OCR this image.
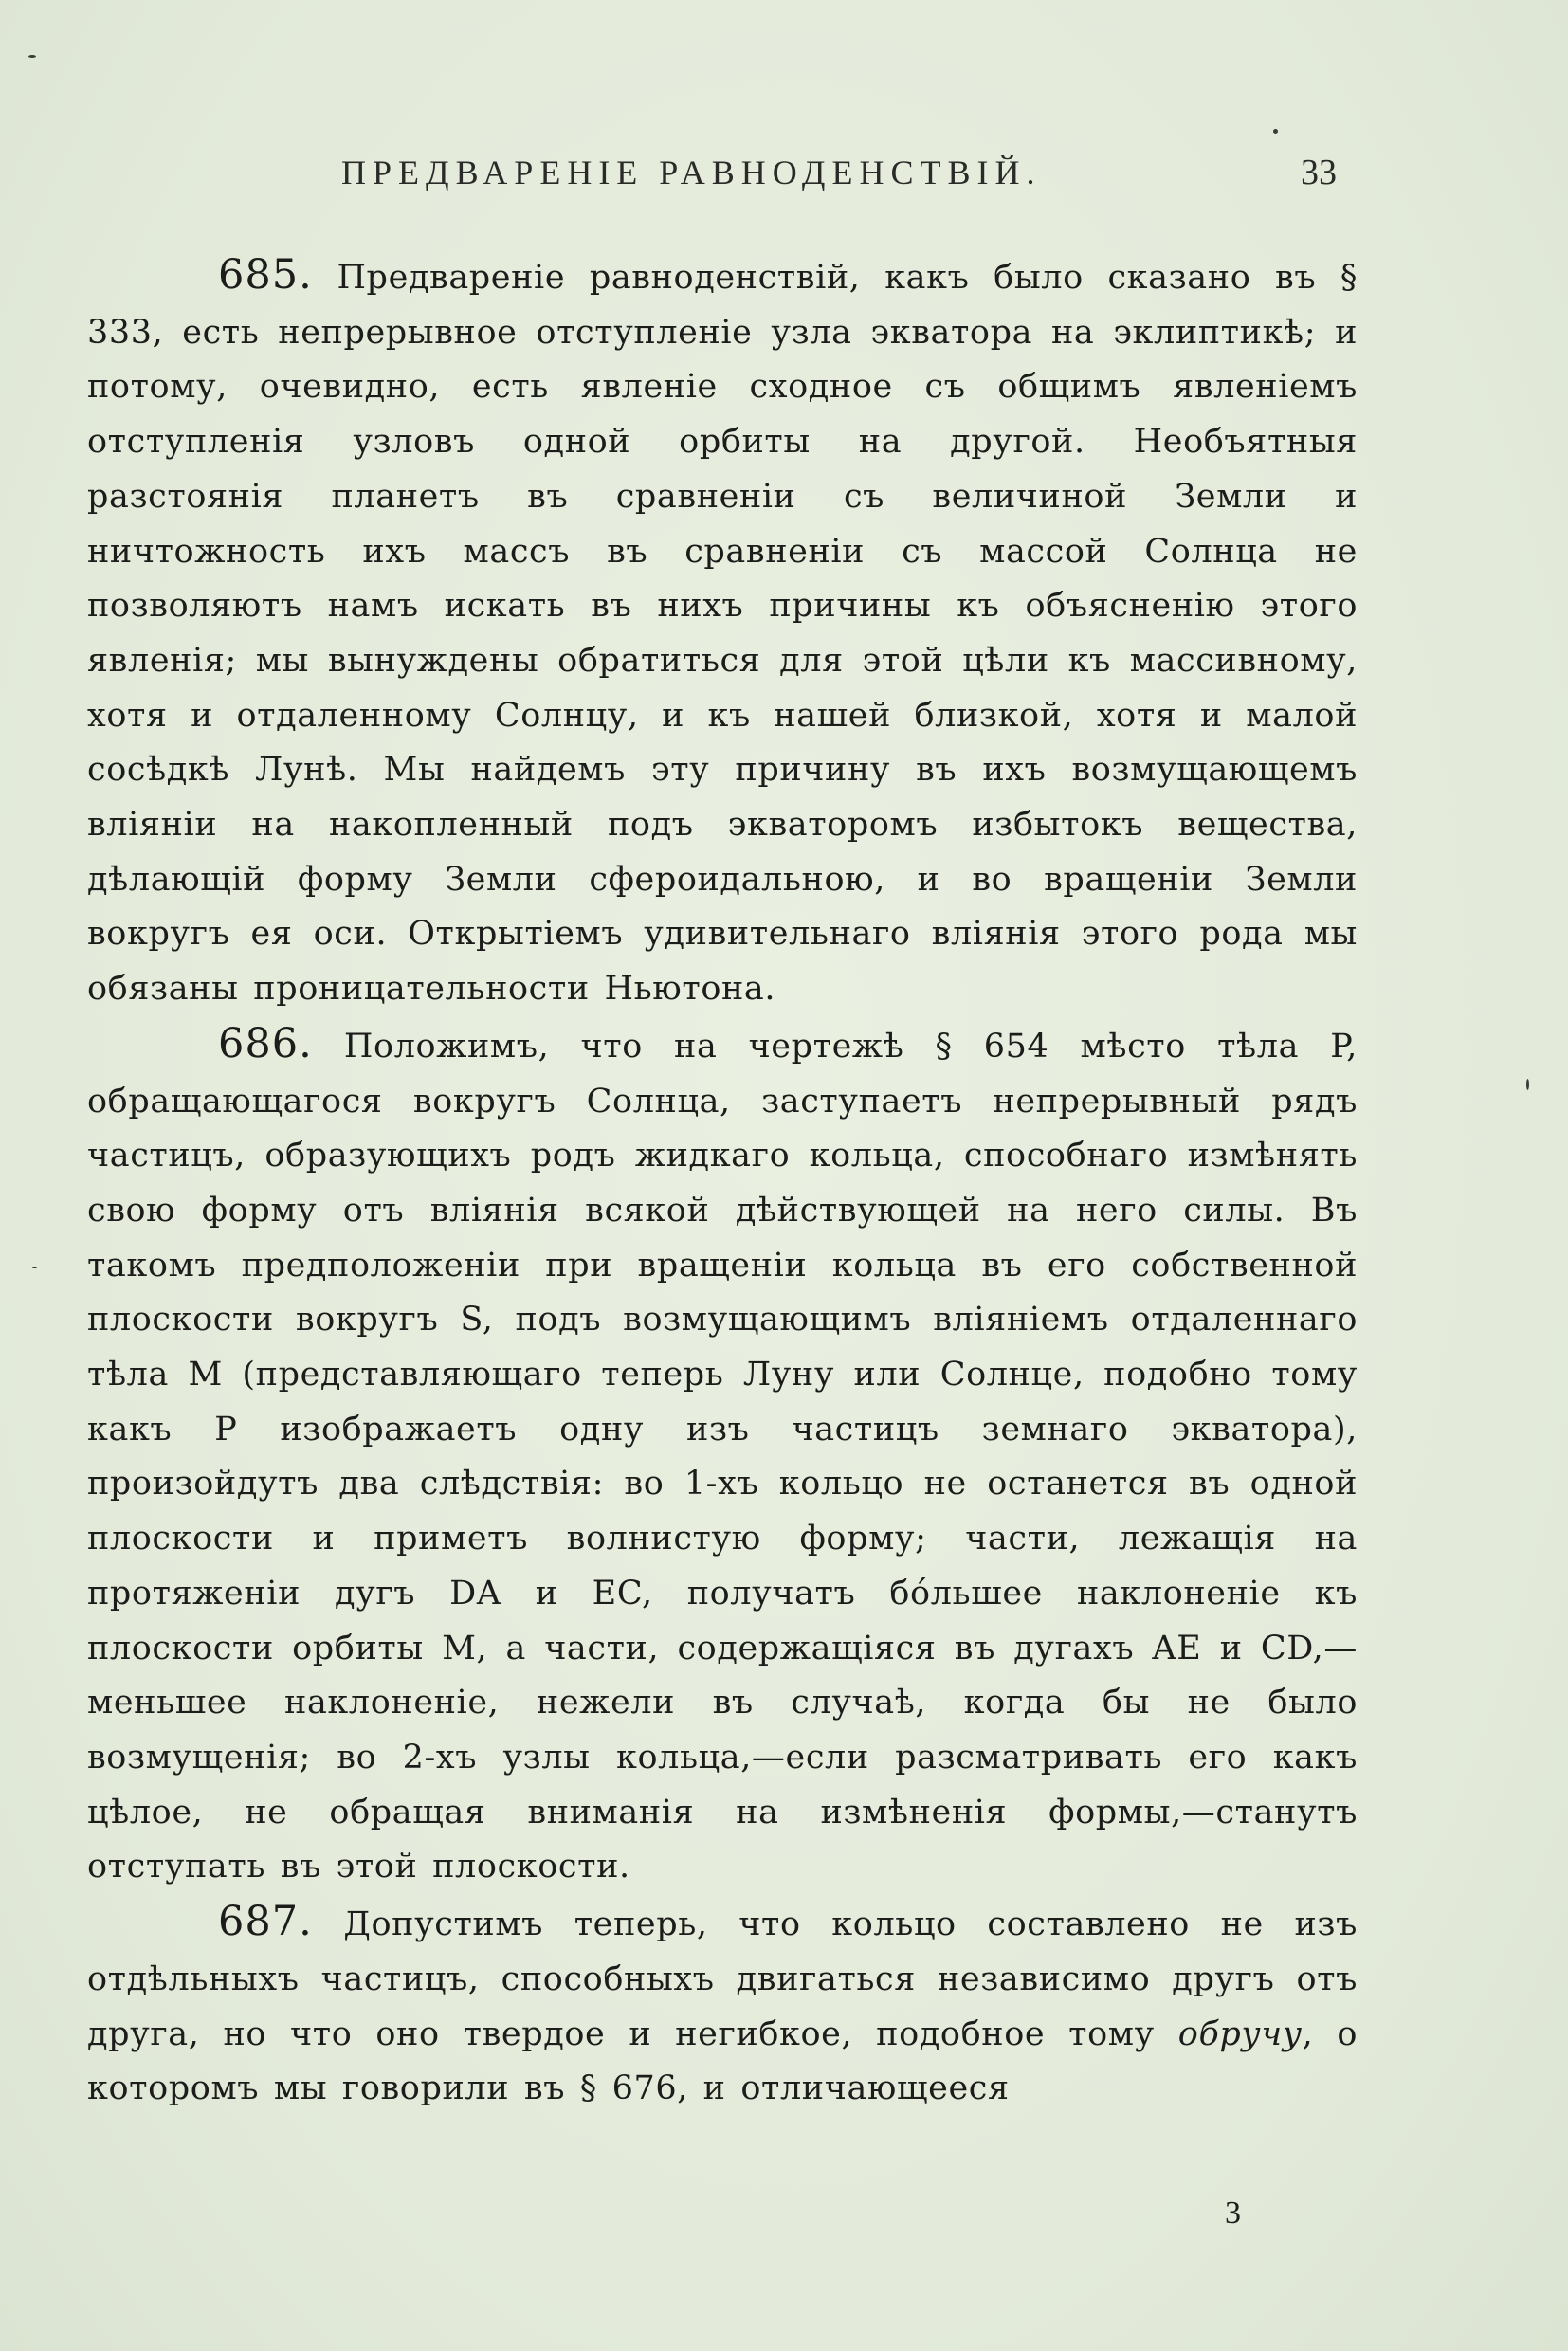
ПРЕДВАРЕНІЕ РАВНОДЕНСТВІЙ.	33

685. Предвареніе равноденствій, какъ было сказано въ § 333, есть непрерывное отступленіе узла экватора на эклиптикѣ; и потому, очевидно, есть явленіе сходное съ общимъ явленіемъ отступленія узловъ одной орбиты на другой. Необъятныя разстоянія планетъ въ сравненіи съ величиной Земли и ничтожность ихъ массъ въ сравненіи съ массой Солнца не позволяютъ намъ искать въ нихъ причины къ объясненію этого явленія; мы вынуждены обратиться для этой цѣли къ массивному, хотя и отдаленному Солнцу, и къ нашей близкой, хотя и малой сосѣдкѣ Лунѣ. Мы найдемъ эту причину въ ихъ возмущающемъ вліяніи на накопленный подъ экваторомъ избытокъ вещества, дѣлающій форму Земли сфероидальною, и во вращеніи Земли вокругъ ея оси. Открытіемъ удивительнаго вліянія этого рода мы обязаны проницательности Ньютона.

686. Положимъ, что на чертежѣ § 654 мѣсто тѣла P, обращающагося вокругъ Солнца, заступаетъ непрерывный рядъ частицъ, образующихъ родъ жидкаго кольца, способнаго измѣнять свою форму отъ вліянія всякой дѣйствующей на него силы. Въ такомъ предположеніи при вращеніи кольца въ его собственной плоскости вокругъ S, подъ возмущающимъ вліяніемъ отдаленнаго тѣла M (представляющаго теперь Луну или Солнце, подобно тому какъ P изображаетъ одну изъ частицъ земнаго экватора), произойдутъ два слѣдствія: во 1-хъ кольцо не останется въ одной плоскости и приметъ волнистую форму; части, лежащія на протяженіи дугъ DA и EC, получатъ бо́льшее наклоненіе къ плоскости орбиты M, а части, содержащіяся въ дугахъ AE и CD,—меньшее наклоненіе, нежели въ случаѣ, когда бы не было возмущенія; во 2-хъ узлы кольца,—если разсматривать его какъ цѣлое, не обращая вниманія на измѣненія формы,—станутъ отступать въ этой плоскости.

687. Допустимъ теперь, что кольцо составлено не изъ отдѣльныхъ частицъ, способныхъ двигаться независимо другъ отъ друга, но что оно твердое и негибкое, подобное тому обручу, о которомъ мы говорили въ § 676, и отличающееся

3
